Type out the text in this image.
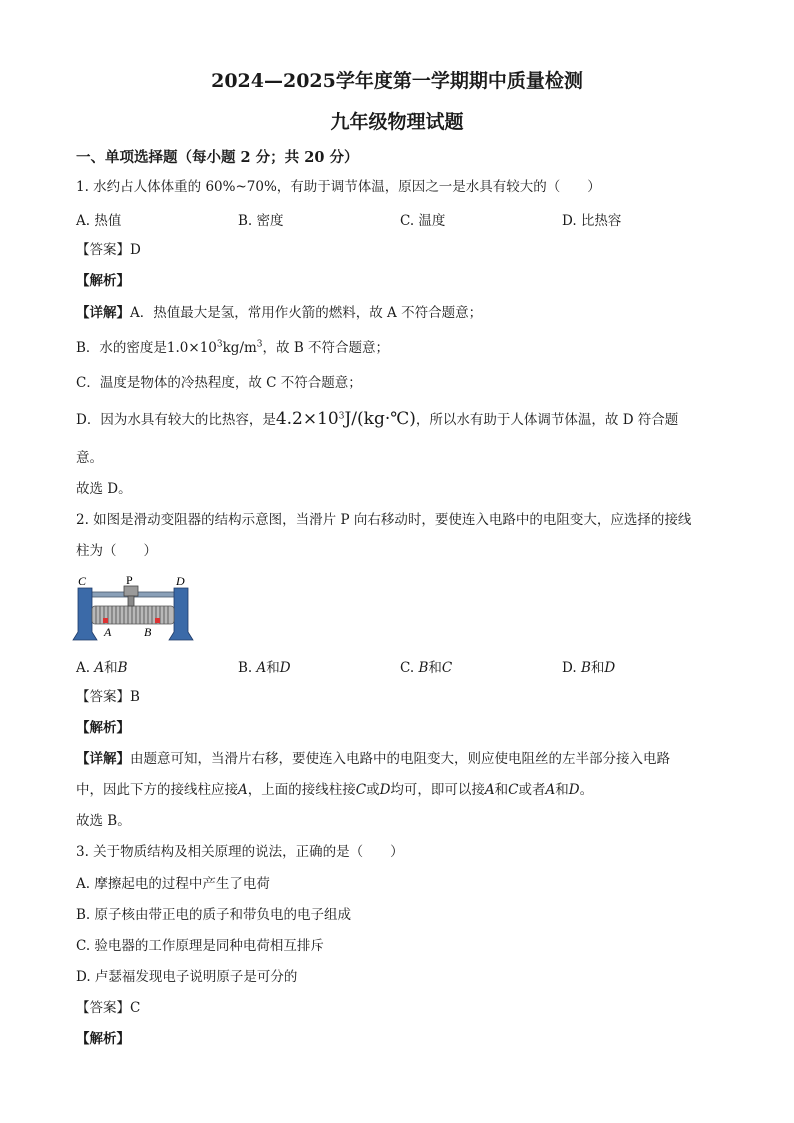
2024—2025学年度第一学期期中质量检测
九年级物理试题
一、单项选择题（每小题 2 分；共 20 分）
1. 水约占人体体重的 60%~70%，有助于调节体温，原因之一是水具有较大的（　　）
A. 热值	B. 密度	C. 温度	D. 比热容
【答案】D
【解析】
【详解】A．热值最大是氢，常用作火箭的燃料，故 A 不符合题意；
B．水的密度是$1.0\times 10^3kg/m^3$，故 B 不符合题意；
C．温度是物体的冷热程度，故 C 不符合题意；
D．因为水具有较大的比热容，是$4.2\times 10^3J/(kg\cdot℃)$，所以水有助于人体调节体温，故 D 符合题
意。
故选 D。
2. 如图是滑动变阻器的结构示意图，当滑片 P 向右移动时，要使连入电路中的电阻变大，应选择的接线
柱为（　　）
C	P	D
A	B
A. A和B	B. A和D	C. B和C	D. B和D
【答案】B
【解析】
【详解】由题意可知，当滑片右移，要使连入电路中的电阻变大，则应使电阻丝的左半部分接入电路
中，因此下方的接线柱应接A，上面的接线柱接C或D均可，即可以接A和C或者A和D。
故选 B。
3. 关于物质结构及相关原理的说法，正确的是（　　）
A. 摩擦起电的过程中产生了电荷
B. 原子核由带正电的质子和带负电的电子组成
C. 验电器的工作原理是同种电荷相互排斥
D. 卢瑟福发现电子说明原子是可分的
【答案】C
【解析】
